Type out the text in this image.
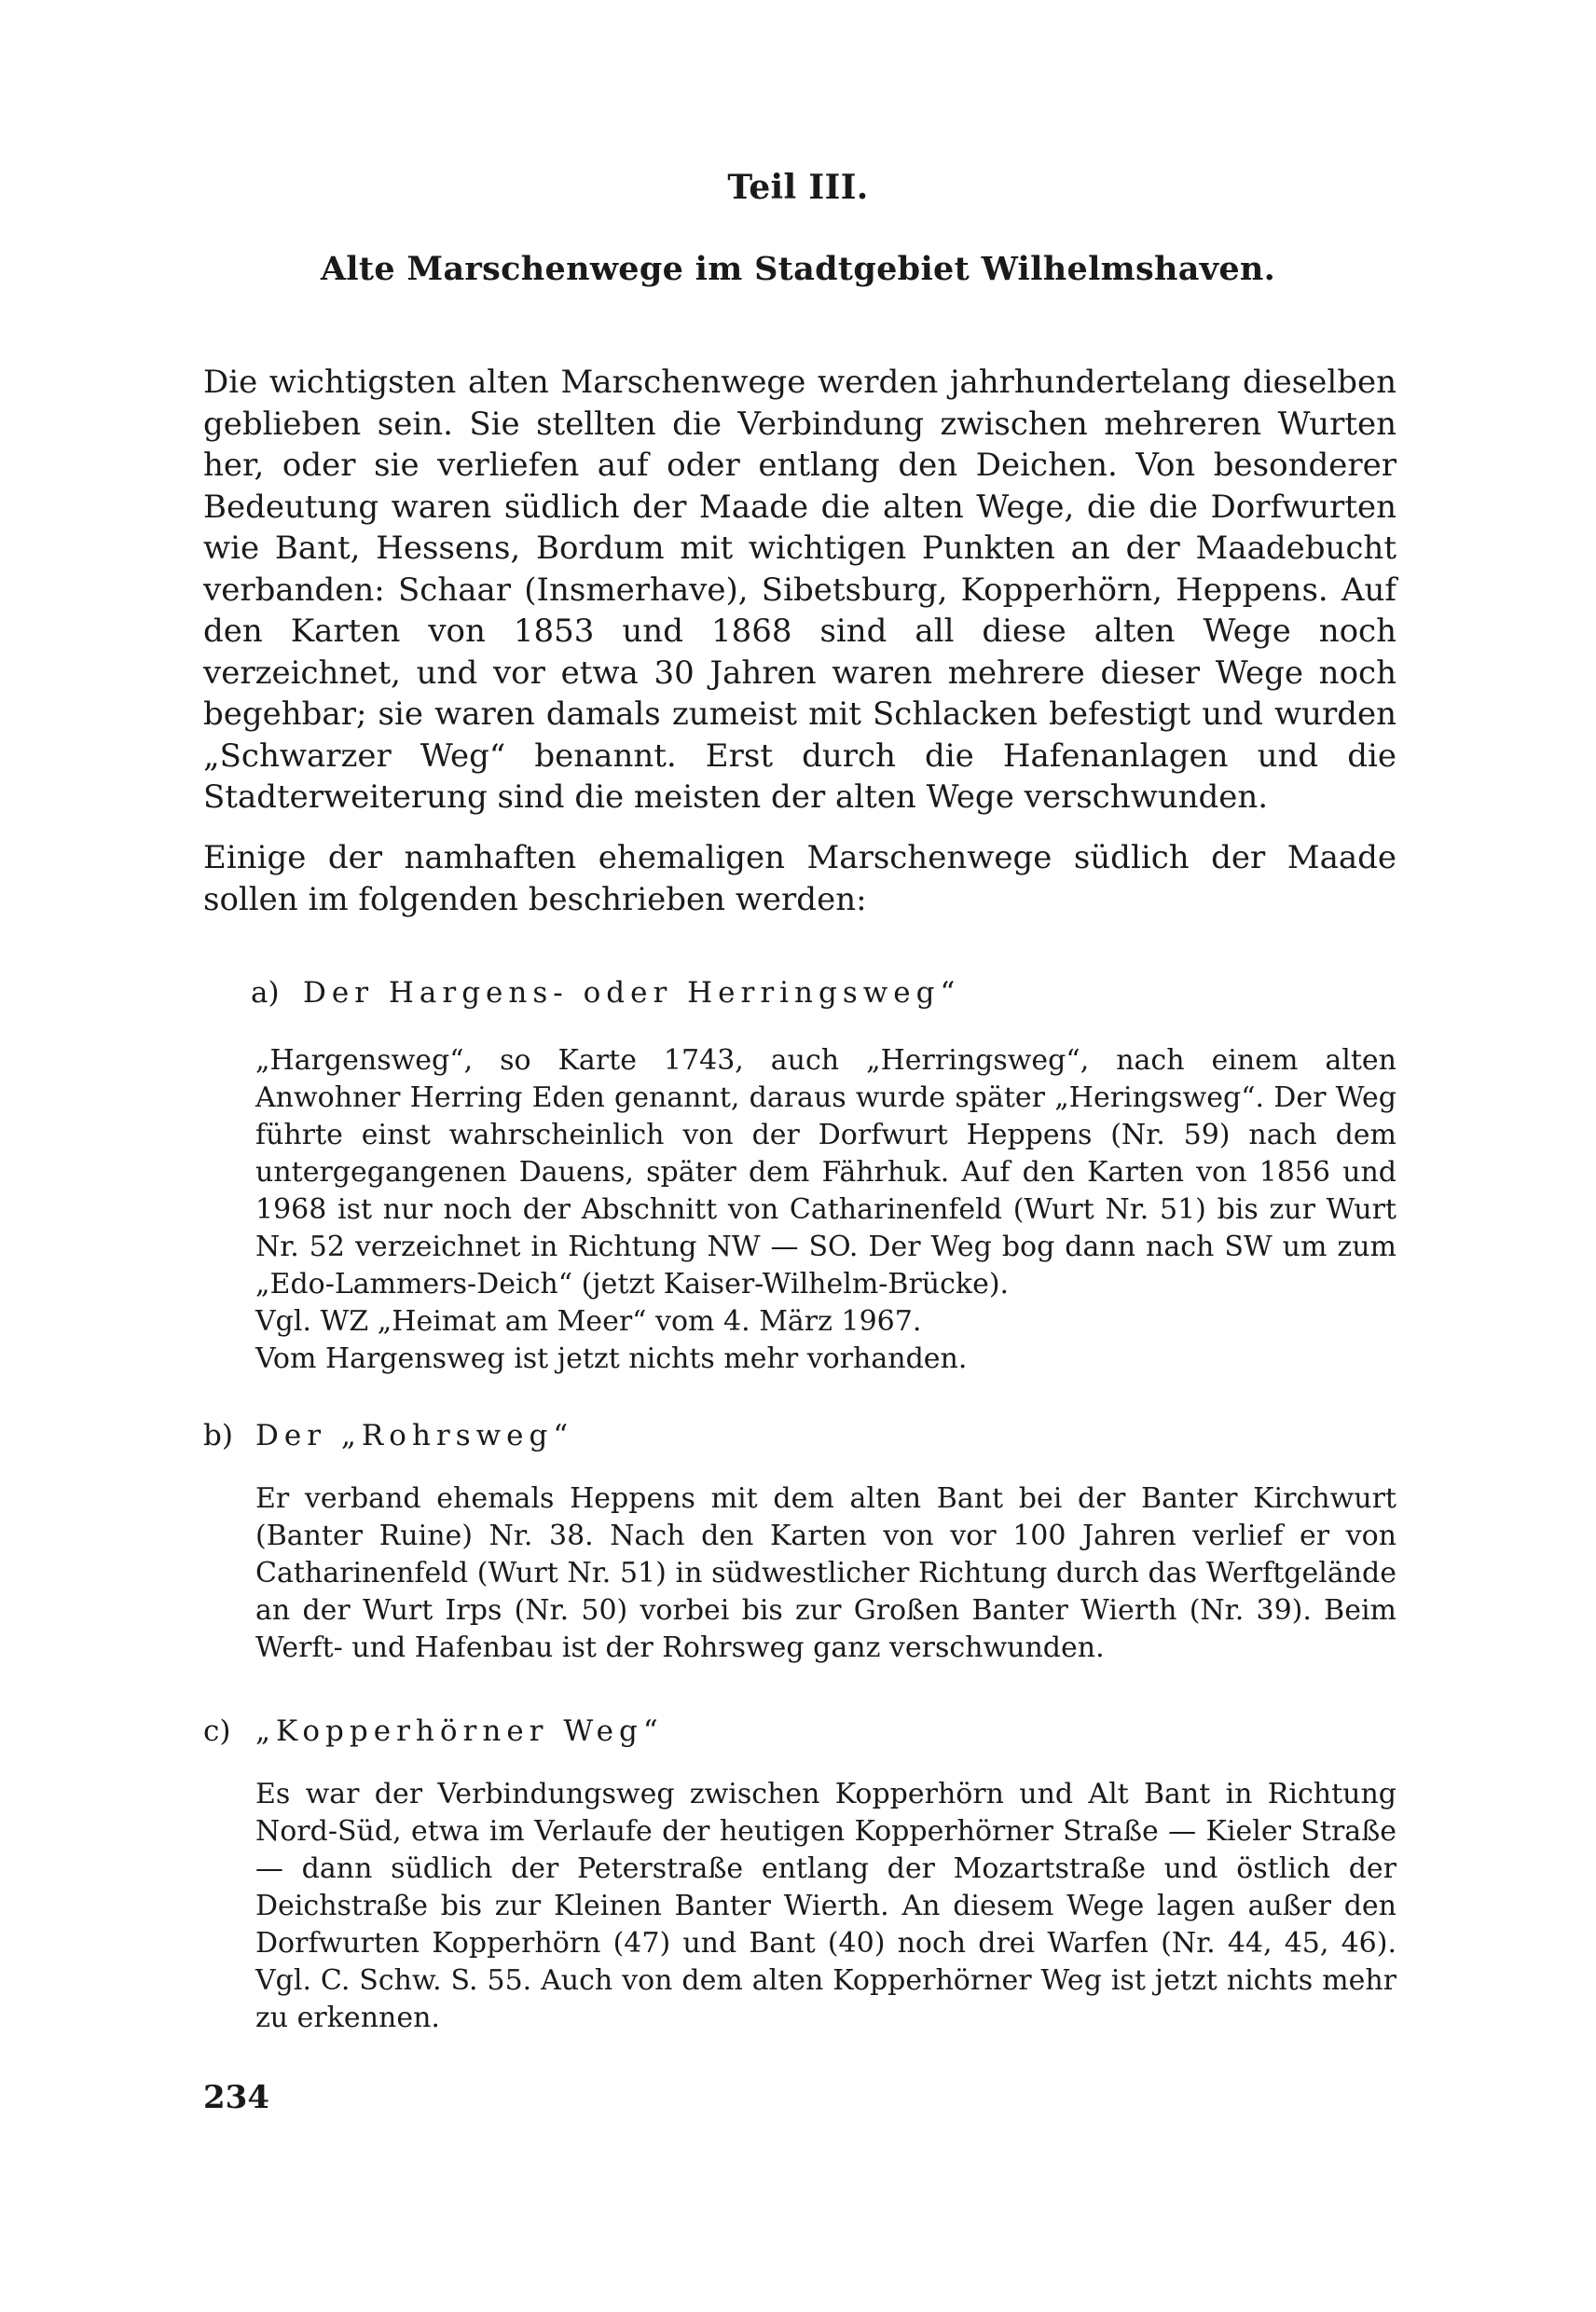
Teil III.
Alte Marschenwege im Stadtgebiet Wilhelmshaven.
Die wichtigsten alten Marschenwege werden jahrhundertelang dieselben geblieben sein. Sie stellten die Verbindung zwischen mehreren Wurten her, oder sie verliefen auf oder entlang den Deichen. Von besonderer Bedeutung waren südlich der Maade die alten Wege, die die Dorfwurten wie Bant, Hessens, Bordum mit wichtigen Punkten an der Maadebucht verbanden: Schaar (Insmerhave), Sibetsburg, Kopperhörn, Heppens. Auf den Karten von 1853 und 1868 sind all diese alten Wege noch verzeichnet, und vor etwa 30 Jahren waren mehrere dieser Wege noch begehbar; sie waren damals zumeist mit Schlacken befestigt und wurden „Schwarzer Weg“ benannt. Erst durch die Hafenanlagen und die Stadterweiterung sind die meisten der alten Wege verschwunden.
Einige der namhaften ehemaligen Marschenwege südlich der Maade sollen im folgenden beschrieben werden:
a) Der Hargens- oder Herringsweg“
„Hargensweg“, so Karte 1743, auch „Herringsweg“, nach einem alten Anwohner Herring Eden genannt, daraus wurde später „Heringsweg“. Der Weg führte einst wahrscheinlich von der Dorfwurt Heppens (Nr. 59) nach dem untergegangenen Dauens, später dem Fährhuk. Auf den Karten von 1856 und 1968 ist nur noch der Abschnitt von Catharinenfeld (Wurt Nr. 51) bis zur Wurt Nr. 52 verzeichnet in Richtung NW — SO. Der Weg bog dann nach SW um zum „Edo-Lammers-Deich“ (jetzt Kaiser-Wilhelm-Brücke).
Vgl. WZ „Heimat am Meer“ vom 4. März 1967.
Vom Hargensweg ist jetzt nichts mehr vorhanden.
b) Der „Rohrsweg“
Er verband ehemals Heppens mit dem alten Bant bei der Banter Kirchwurt (Banter Ruine) Nr. 38. Nach den Karten von vor 100 Jahren verlief er von Catharinenfeld (Wurt Nr. 51) in südwestlicher Richtung durch das Werftgelände an der Wurt Irps (Nr. 50) vorbei bis zur Großen Banter Wierth (Nr. 39). Beim Werft- und Hafenbau ist der Rohrsweg ganz verschwunden.
c) „Kopperhörner Weg“
Es war der Verbindungsweg zwischen Kopperhörn und Alt Bant in Richtung Nord-Süd, etwa im Verlaufe der heutigen Kopperhörner Straße — Kieler Straße — dann südlich der Peterstraße entlang der Mozartstraße und östlich der Deichstraße bis zur Kleinen Banter Wierth. An diesem Wege lagen außer den Dorfwurten Kopperhörn (47) und Bant (40) noch drei Warfen (Nr. 44, 45, 46). Vgl. C. Schw. S. 55. Auch von dem alten Kopperhörner Weg ist jetzt nichts mehr zu erkennen.
234
